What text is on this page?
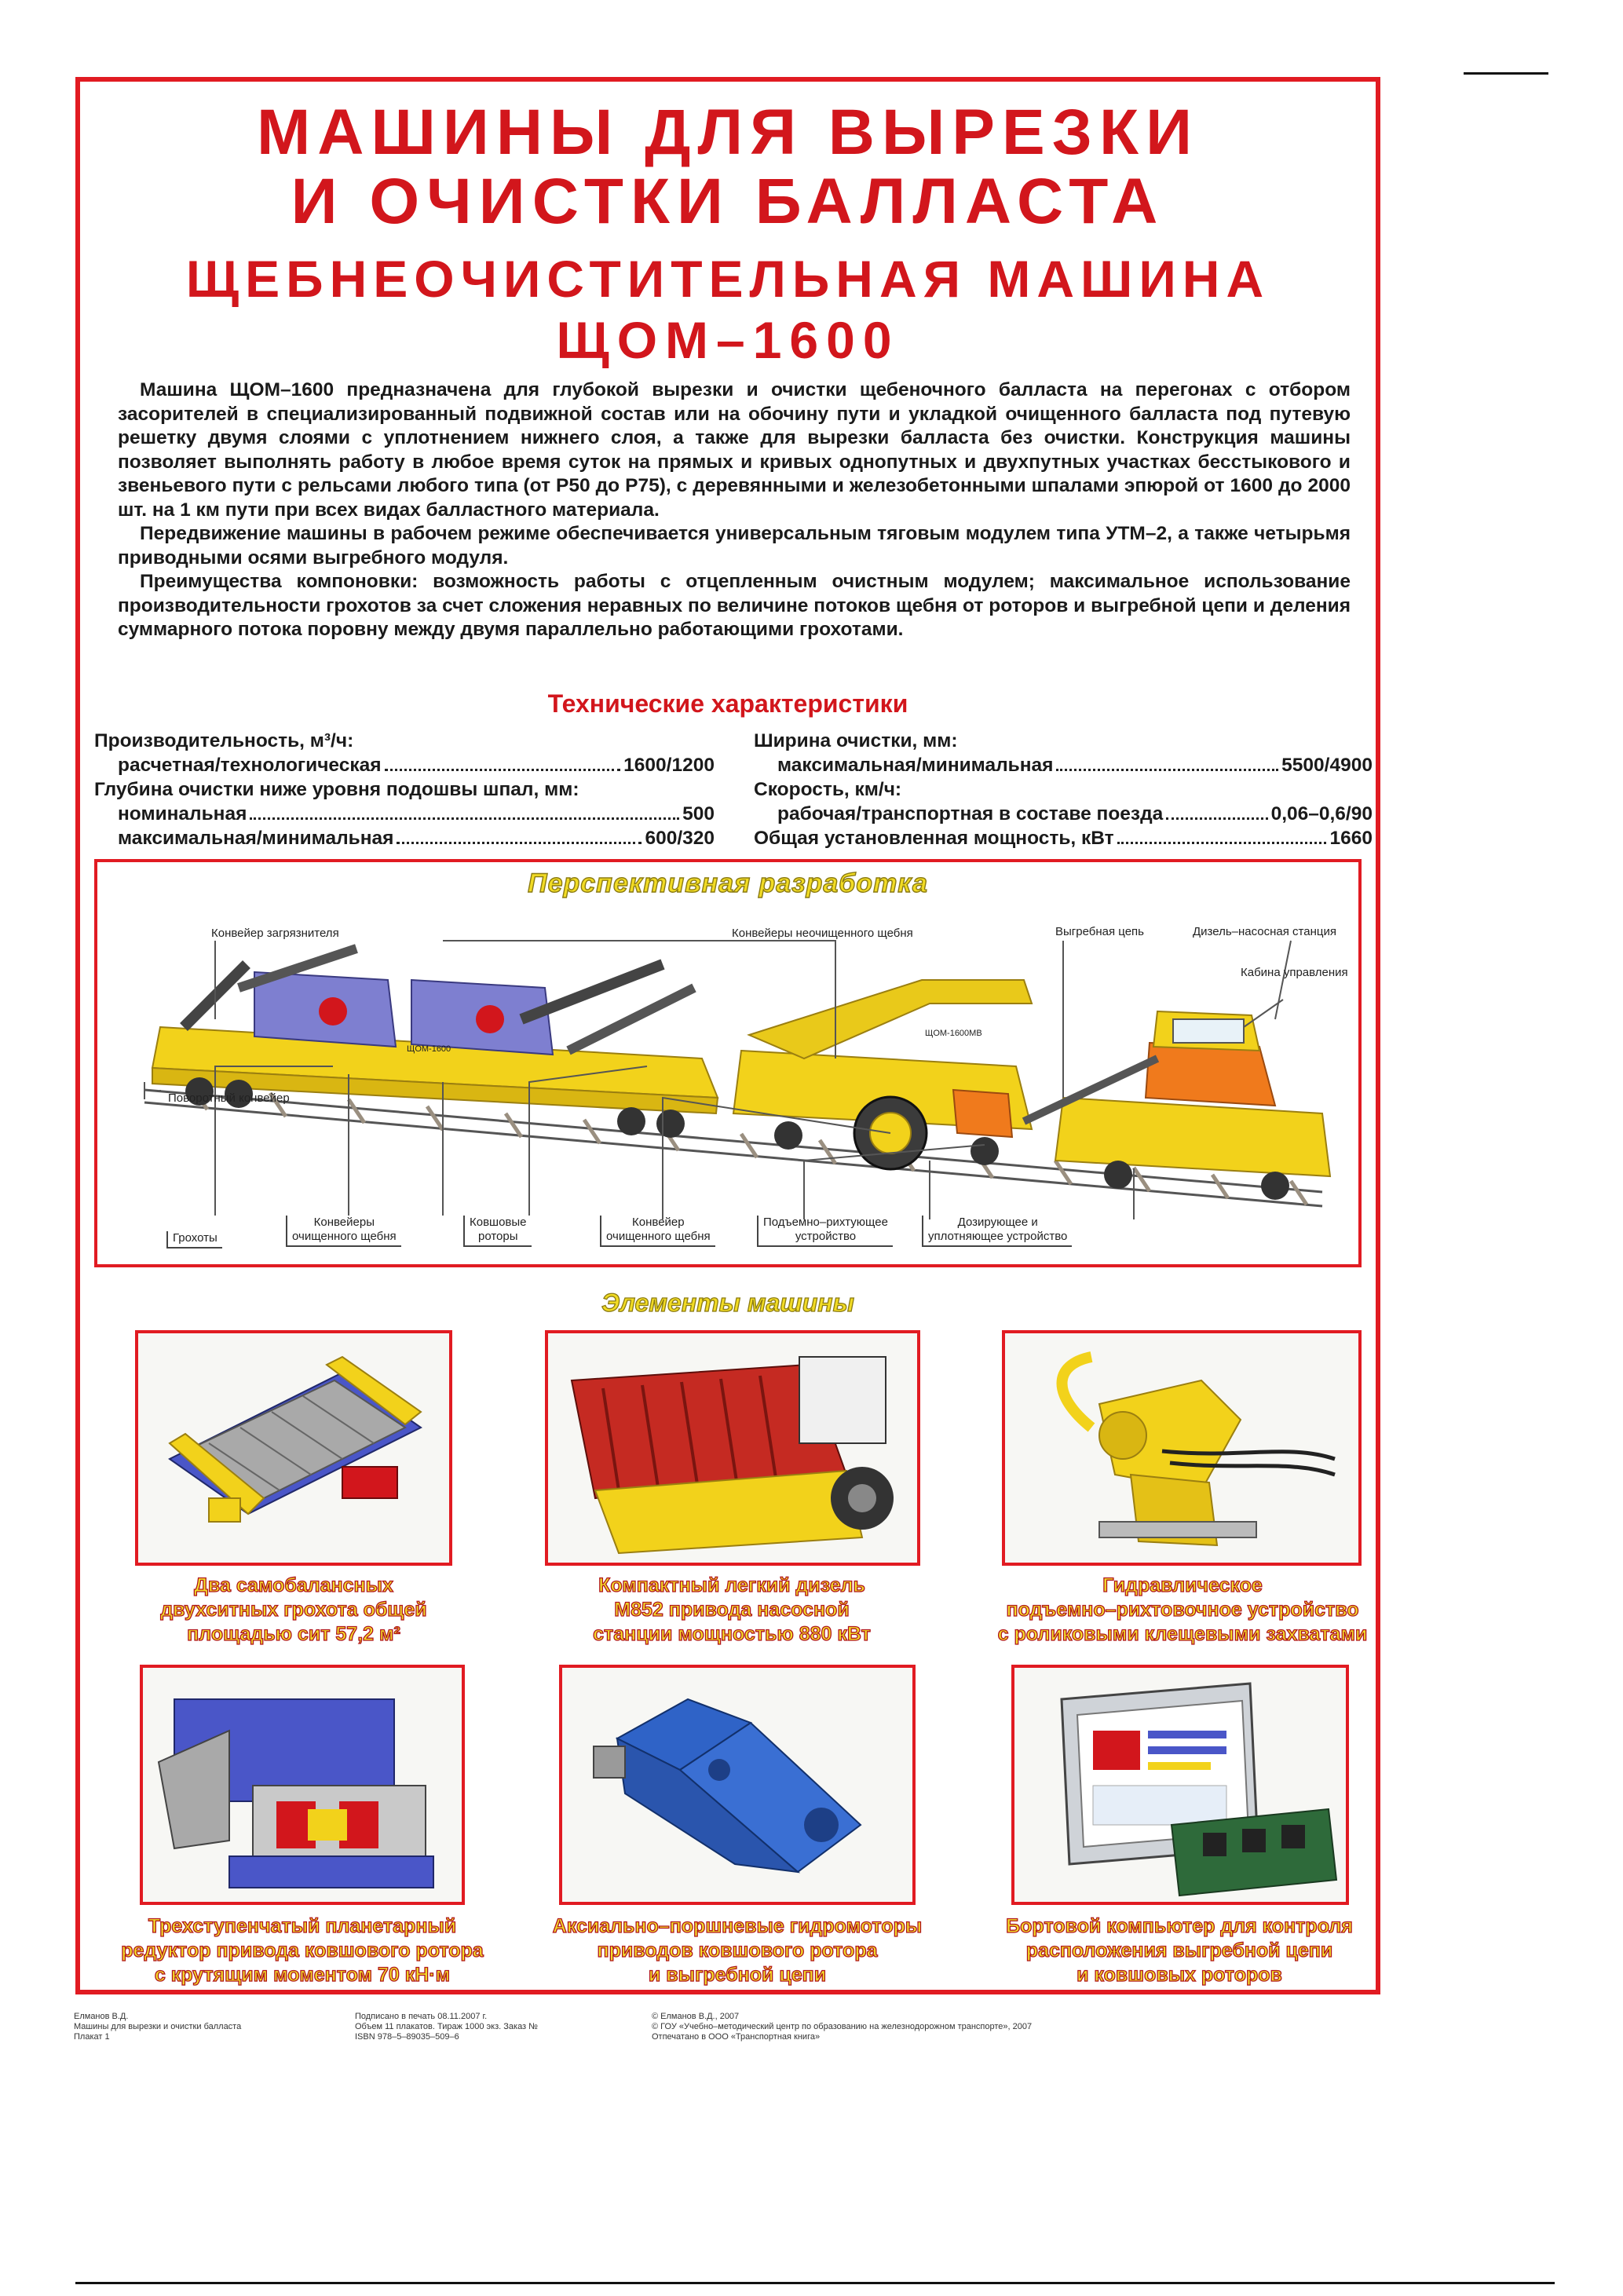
МАШИНЫ ДЛЯ ВЫРЕЗКИ
И ОЧИСТКИ БАЛЛАСТА
ЩЕБНЕОЧИСТИТЕЛЬНАЯ МАШИНА
ЩОМ–1600

Машина ЩОМ–1600 предназначена для глубокой вырезки и очистки щебеночного балласта на перегонах с отбором засорителей в специализированный подвижной состав или на обочину пути и укладкой очищенного балласта под путевую решетку двумя слоями с уплотнением нижнего слоя, а также для вырезки балласта без очистки. Конструкция машины позволяет выполнять работу в любое время суток на прямых и кривых однопутных и двухпутных участках бесстыкового и звеньевого пути с рельсами любого типа (от Р50 до Р75), с деревянными и железобетонными шпалами эпюрой от 1600 до 2000 шт. на 1 км пути при всех видах балластного материала.

Передвижение машины в рабочем режиме обеспечивается универсальным тяговым модулем типа УТМ–2, а также четырьмя приводными осями выгребного модуля.

Преимущества компоновки: возможность работы с отцепленным очистным модулем; максимальное использование производительности грохотов за счет сложения неравных по величине потоков щебня от роторов и выгребной цепи и деления суммарного потока поровну между двумя параллельно работающими грохотами.

Технические характеристики
Производительность, м³/ч:
расчетная/технологическая	1600/1200
Глубина очистки ниже уровня подошвы шпал, мм:
номинальная	500
максимальная/минимальная	600/320
Ширина очистки, мм:
максимальная/минимальная	5500/4900
Скорость, км/ч:
рабочая/транспортная в составе поезда	0,06–0,6/90
Общая установленная мощность, кВт	1660
Перспективная разработка
Конвейер загрязнителя	Конвейеры неочищенного щебня	Выгребная цепь	Дизель–насосная станция
Кабина управления
Поворотный конвейер
ЩОМ-1600
ЩОМ-1600МВ
Грохоты
Конвейеры
очищенного щебня
Ковшовые
роторы
Конвейер
очищенного щебня
Подъемно–рихтующее
устройство
Дозирующее и
уплотняющее устройство
Элементы машины
Два самобалансных
двухситных грохота общей
площадью сит 57,2 м²
Компактный легкий дизель
M852 привода насосной
станции мощностью 880 кВт
Гидравлическое
подъемно–рихтовочное устройство
с роликовыми клещевыми захватами
Трехступенчатый планетарный
редуктор привода ковшового ротора
с крутящим моментом 70 кН·м
Аксиально–поршневые гидромоторы
приводов ковшового ротора
и выгребной цепи
Бортовой компьютер для контроля
расположения выгребной цепи
и ковшовых роторов
Елманов В.Д.
Машины для вырезки и очистки балласта
Плакат 1
Подписано в печать 08.11.2007 г.
Объем 11 плакатов. Тираж 1000 экз. Заказ №
ISBN 978–5–89035–509–6
© Елманов В.Д., 2007
© ГОУ «Учебно–методический центр по образованию на железнодорожном транспорте», 2007
Отпечатано в ООО «Транспортная книга»
